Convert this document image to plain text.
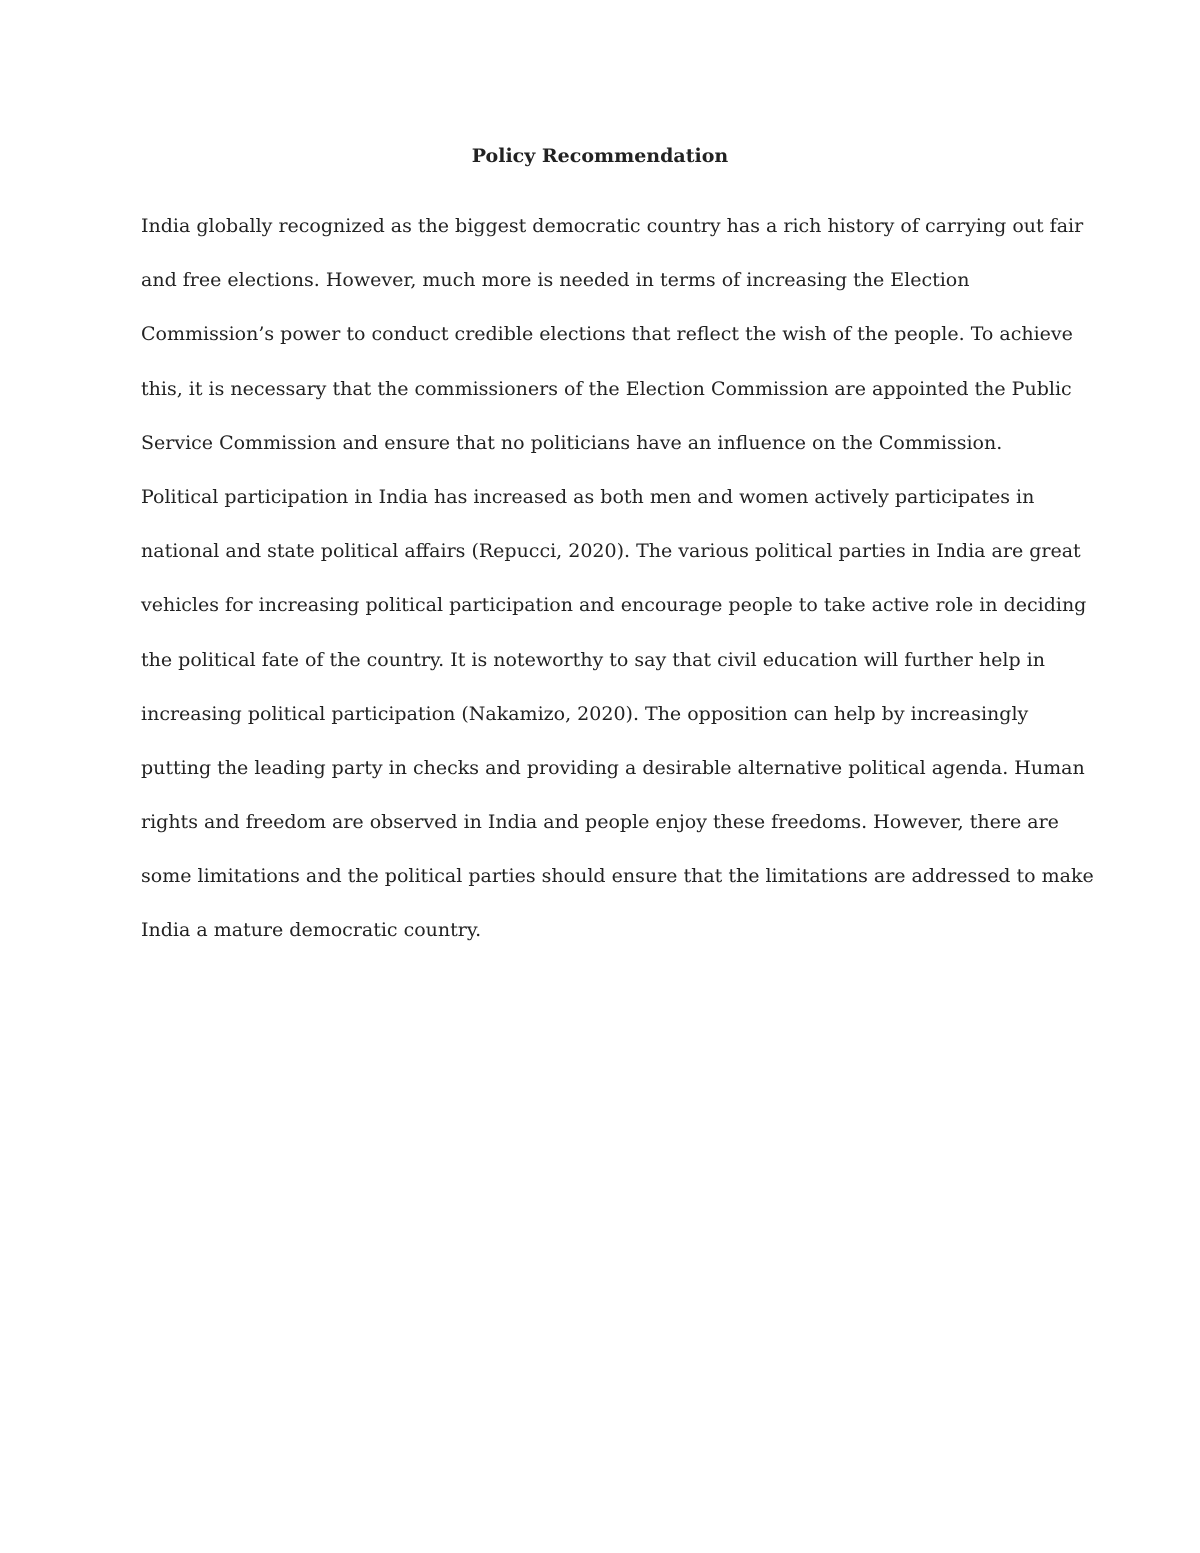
Policy Recommendation
India globally recognized as the biggest democratic country has a rich history of carrying out fair
and free elections. However, much more is needed in terms of increasing the Election
Commission’s power to conduct credible elections that reflect the wish of the people. To achieve
this, it is necessary that the commissioners of the Election Commission are appointed the Public
Service Commission and ensure that no politicians have an influence on the Commission.
Political participation in India has increased as both men and women actively participates in
national and state political affairs (Repucci, 2020). The various political parties in India are great
vehicles for increasing political participation and encourage people to take active role in deciding
the political fate of the country. It is noteworthy to say that civil education will further help in
increasing political participation (Nakamizo, 2020). The opposition can help by increasingly
putting the leading party in checks and providing a desirable alternative political agenda. Human
rights and freedom are observed in India and people enjoy these freedoms. However, there are
some limitations and the political parties should ensure that the limitations are addressed to make
India a mature democratic country.
